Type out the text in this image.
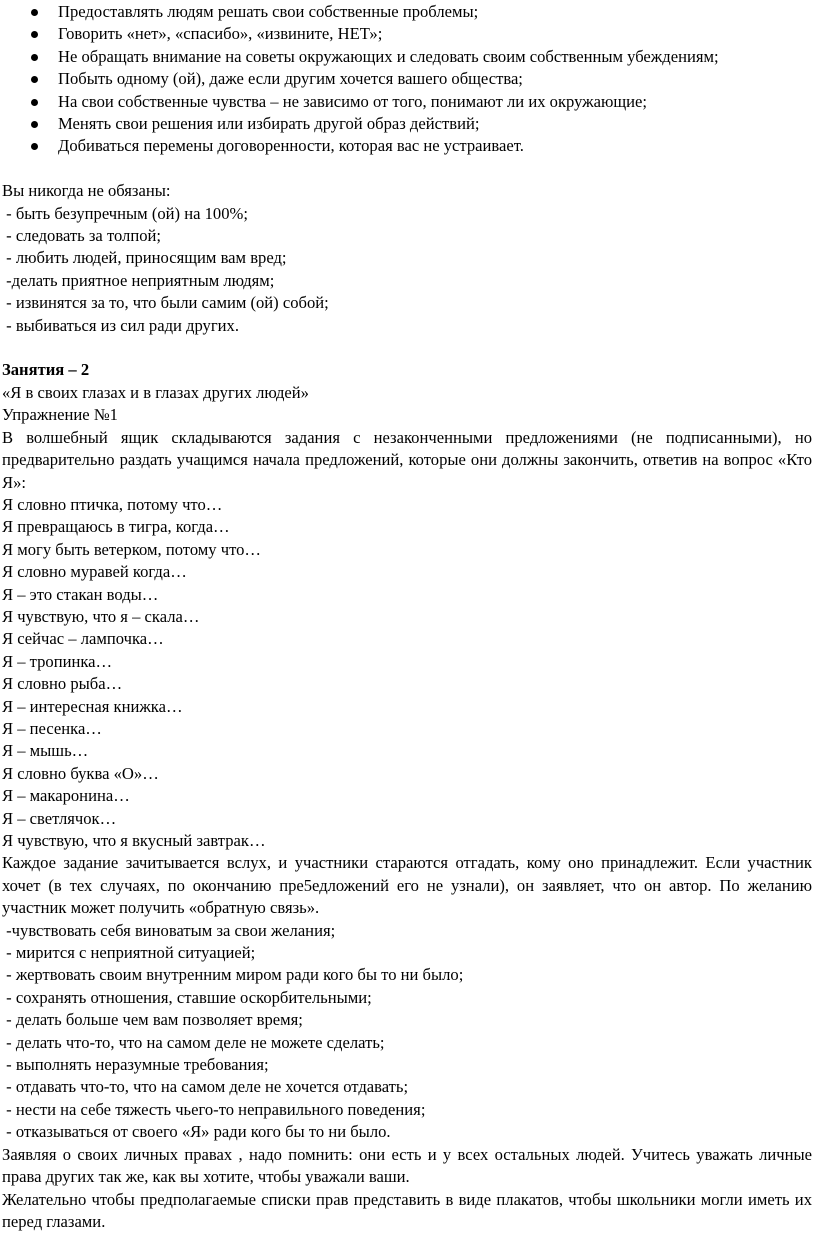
Предоставлять людям решать свои собственные проблемы;
Говорить «нет», «спасибо», «извините, НЕТ»;
Не обращать внимание на советы окружающих и следовать своим собственным убеждениям;
Побыть одному (ой), даже если другим хочется вашего общества;
На свои собственные чувства – не зависимо от того, понимают ли их окружающие;
Менять свои решения или избирать другой образ действий;
Добиваться перемены договоренности, которая вас не устраивает.

Вы никогда не обязаны:

- быть безупречным (ой) на 100%;

- следовать за толпой;

- любить людей, приносящим вам вред;

-делать приятное неприятным людям;

- извинятся за то, что были самим (ой) собой;

- выбиваться из сил ради других.

Занятия – 2

«Я в своих глазах и в глазах других людей»

Упражнение №1

В волшебный ящик складываются задания с незаконченными предложениями (не подписанными), но предварительно раздать учащимся начала предложений, которые они должны закончить, ответив на вопрос «Кто Я»:

Я словно птичка, потому что…

Я превращаюсь в тигра, когда…

Я могу быть ветерком, потому что…

Я словно муравей когда…

Я – это стакан воды…

Я чувствую, что я – скала…

Я сейчас – лампочка…

Я – тропинка…

Я словно рыба…

Я – интересная книжка…

Я – песенка…

Я – мышь…

Я словно буква «О»…

Я – макаронина…

Я – светлячок…

Я чувствую, что я вкусный завтрак…

Каждое задание зачитывается вслух, и участники стараются отгадать, кому оно принадлежит. Если участник хочет (в тех случаях, по окончанию пре5едложений его не узнали), он заявляет, что он автор. По желанию участник может получить «обратную связь».

-чувствовать себя виноватым за свои желания;

- мирится с неприятной ситуацией;

- жертвовать своим внутренним миром ради кого бы то ни было;

- сохранять отношения, ставшие оскорбительными;

- делать больше чем вам позволяет время;

- делать что-то, что на самом деле не можете сделать;

- выполнять неразумные требования;

- отдавать что-то, что на самом деле не хочется отдавать;

- нести на себе тяжесть чьего-то неправильного поведения;

- отказываться от своего «Я» ради кого бы то ни было.

Заявляя о своих личных правах , надо помнить: они есть и у всех остальных людей. Учитесь уважать личные права других так же, как вы хотите, чтобы уважали ваши.

Желательно чтобы предполагаемые списки прав представить в виде плакатов, чтобы школьники могли иметь их перед глазами.
